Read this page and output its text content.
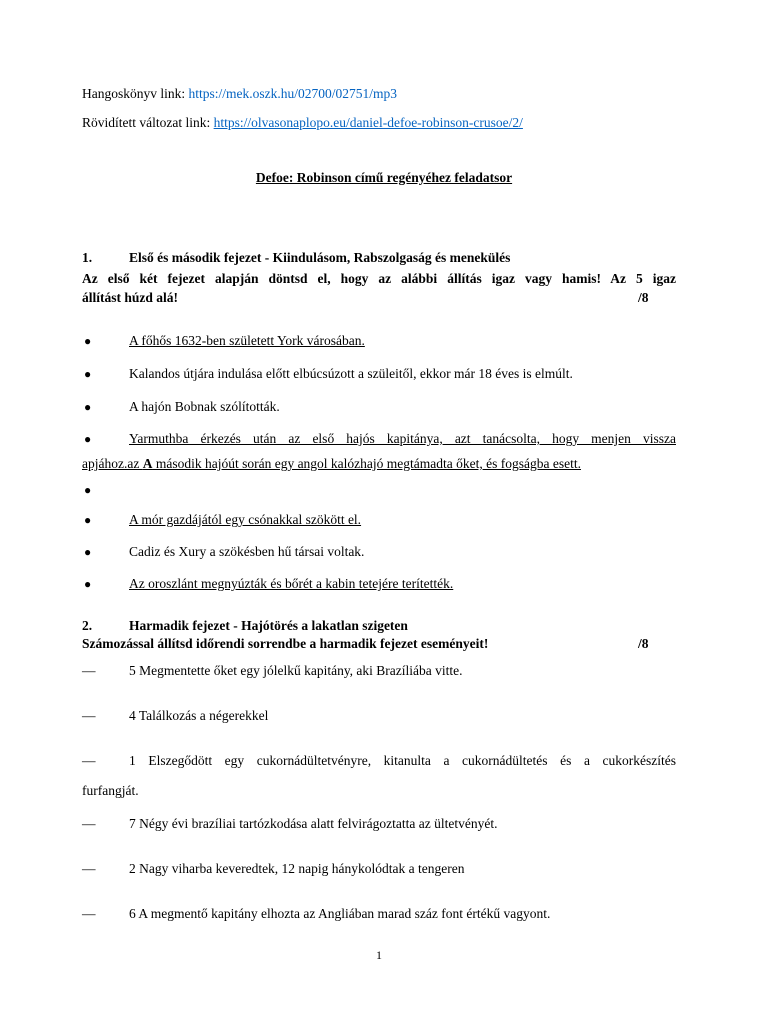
Hangoskönyv link: https://mek.oszk.hu/02700/02751/mp3
Rövidített változat link: https://olvasonaplopo.eu/daniel-defoe-robinson-crusoe/2/
Defoe: Robinson című regényéhez feladatsor
1.	Első és második fejezet - Kiindulásom, Rabszolgaság és menekülés
Az első két fejezet alapján döntsd el, hogy az alábbi állítás igaz vagy hamis! Az 5 igaz
állítást húzd alá!	/8
●	A főhős 1632-ben született York városában.
●	Kalandos útjára indulása előtt elbúcsúzott a szüleitől, ekkor már 18 éves is elmúlt.
●	A hajón Bobnak szólították.
●	Yarmuthba érkezés után az első hajós kapitánya, azt tanácsolta, hogy menjen vissza
apjához.az A második hajóút során egy angol kalózhajó megtámadta őket, és fogságba esett.
●
●	A mór gazdájától egy csónakkal szökött el.
●	Cadiz és Xury a szökésben hű társai voltak.
●	Az oroszlánt megnyúzták és bőrét a kabin tetejére terítették.
2.	Harmadik fejezet - Hajótörés a lakatlan szigeten
Számozással állítsd időrendi sorrendbe a harmadik fejezet eseményeit!	/8
— 5 Megmentette őket egy jólelkű kapitány, aki Brazíliába vitte.
— 4 Találkozás a négerekkel
— 1 Elszegődött egy cukornádültetvényre, kitanulta a cukornádültetés és a cukorkészítés
furfangját.
— 7 Négy évi brazíliai tartózkodása alatt felvirágoztatta az ültetvényét.
— 2 Nagy viharba keveredtek, 12 napig hánykolódtak a tengeren
— 6 A megmentő kapitány elhozta az Angliában marad száz font értékű vagyont.
1
